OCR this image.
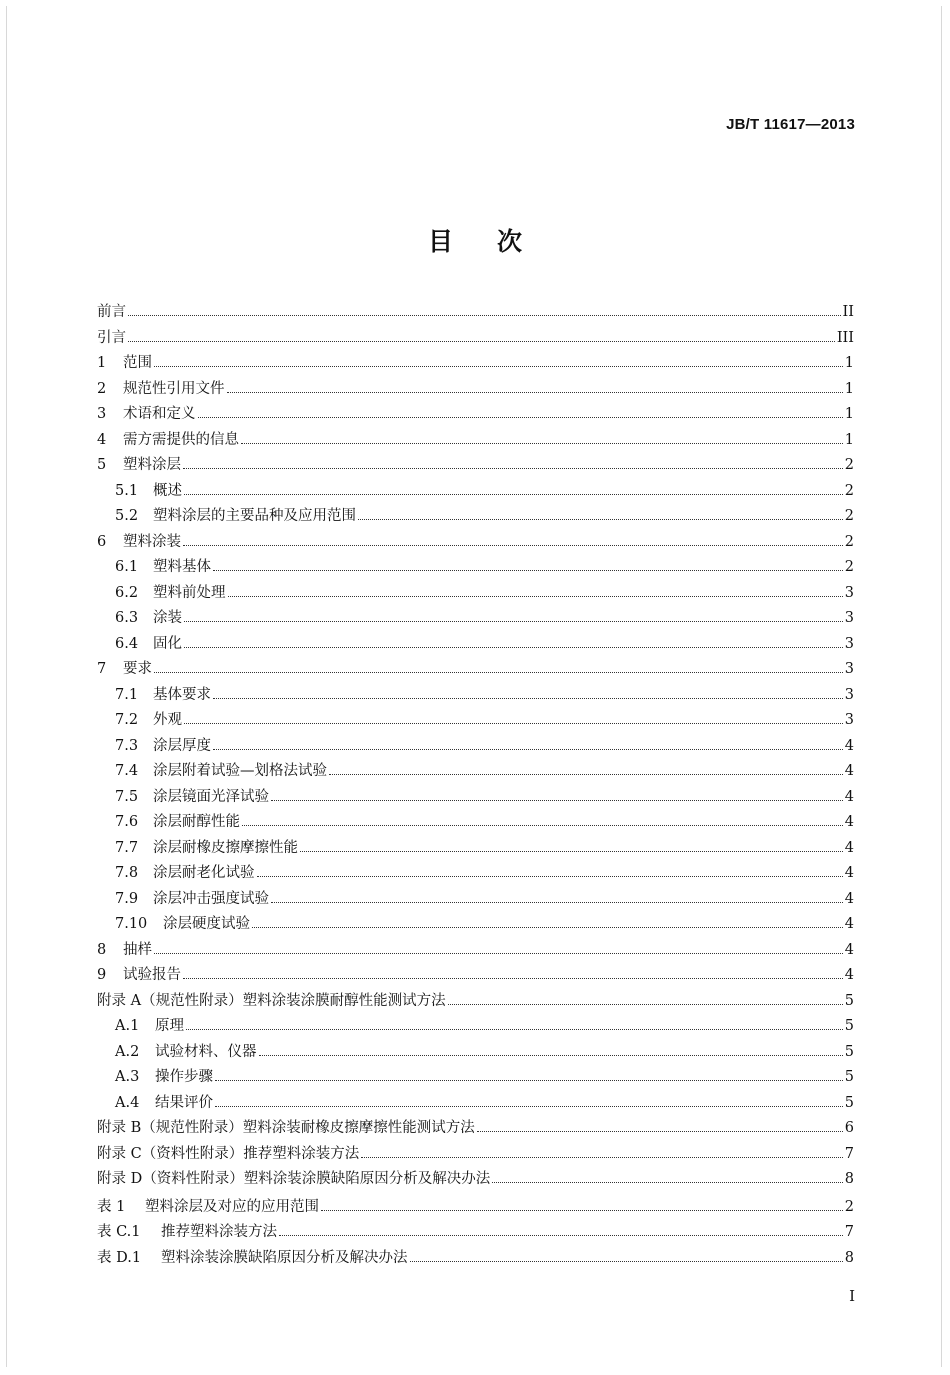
JB/T 11617—2013
目 次
前言	II
引言	III
1	范围	1
2	规范性引用文件	1
3	术语和定义	1
4	需方需提供的信息	1
5	塑料涂层	2
5.1	概述	2
5.2	塑料涂层的主要品种及应用范围	2
6	塑料涂装	2
6.1	塑料基体	2
6.2	塑料前处理	3
6.3	涂装	3
6.4	固化	3
7	要求	3
7.1	基体要求	3
7.2	外观	3
7.3	涂层厚度	4
7.4	涂层附着试验—划格法试验	4
7.5	涂层镜面光泽试验	4
7.6	涂层耐醇性能	4
7.7	涂层耐橡皮擦摩擦性能	4
7.8	涂层耐老化试验	4
7.9	涂层冲击强度试验	4
7.10	涂层硬度试验	4
8	抽样	4
9	试验报告	4
附录 A（规范性附录）塑料涂装涂膜耐醇性能测试方法	5
A.1	原理	5
A.2	试验材料、仪器	5
A.3	操作步骤	5
A.4	结果评价	5
附录 B（规范性附录）塑料涂装耐橡皮擦摩擦性能测试方法	6
附录 C（资料性附录）推荐塑料涂装方法	7
附录 D（资料性附录）塑料涂装涂膜缺陷原因分析及解决办法	8
表 1	塑料涂层及对应的应用范围	2
表 C.1	推荐塑料涂装方法	7
表 D.1	塑料涂装涂膜缺陷原因分析及解决办法	8
I
